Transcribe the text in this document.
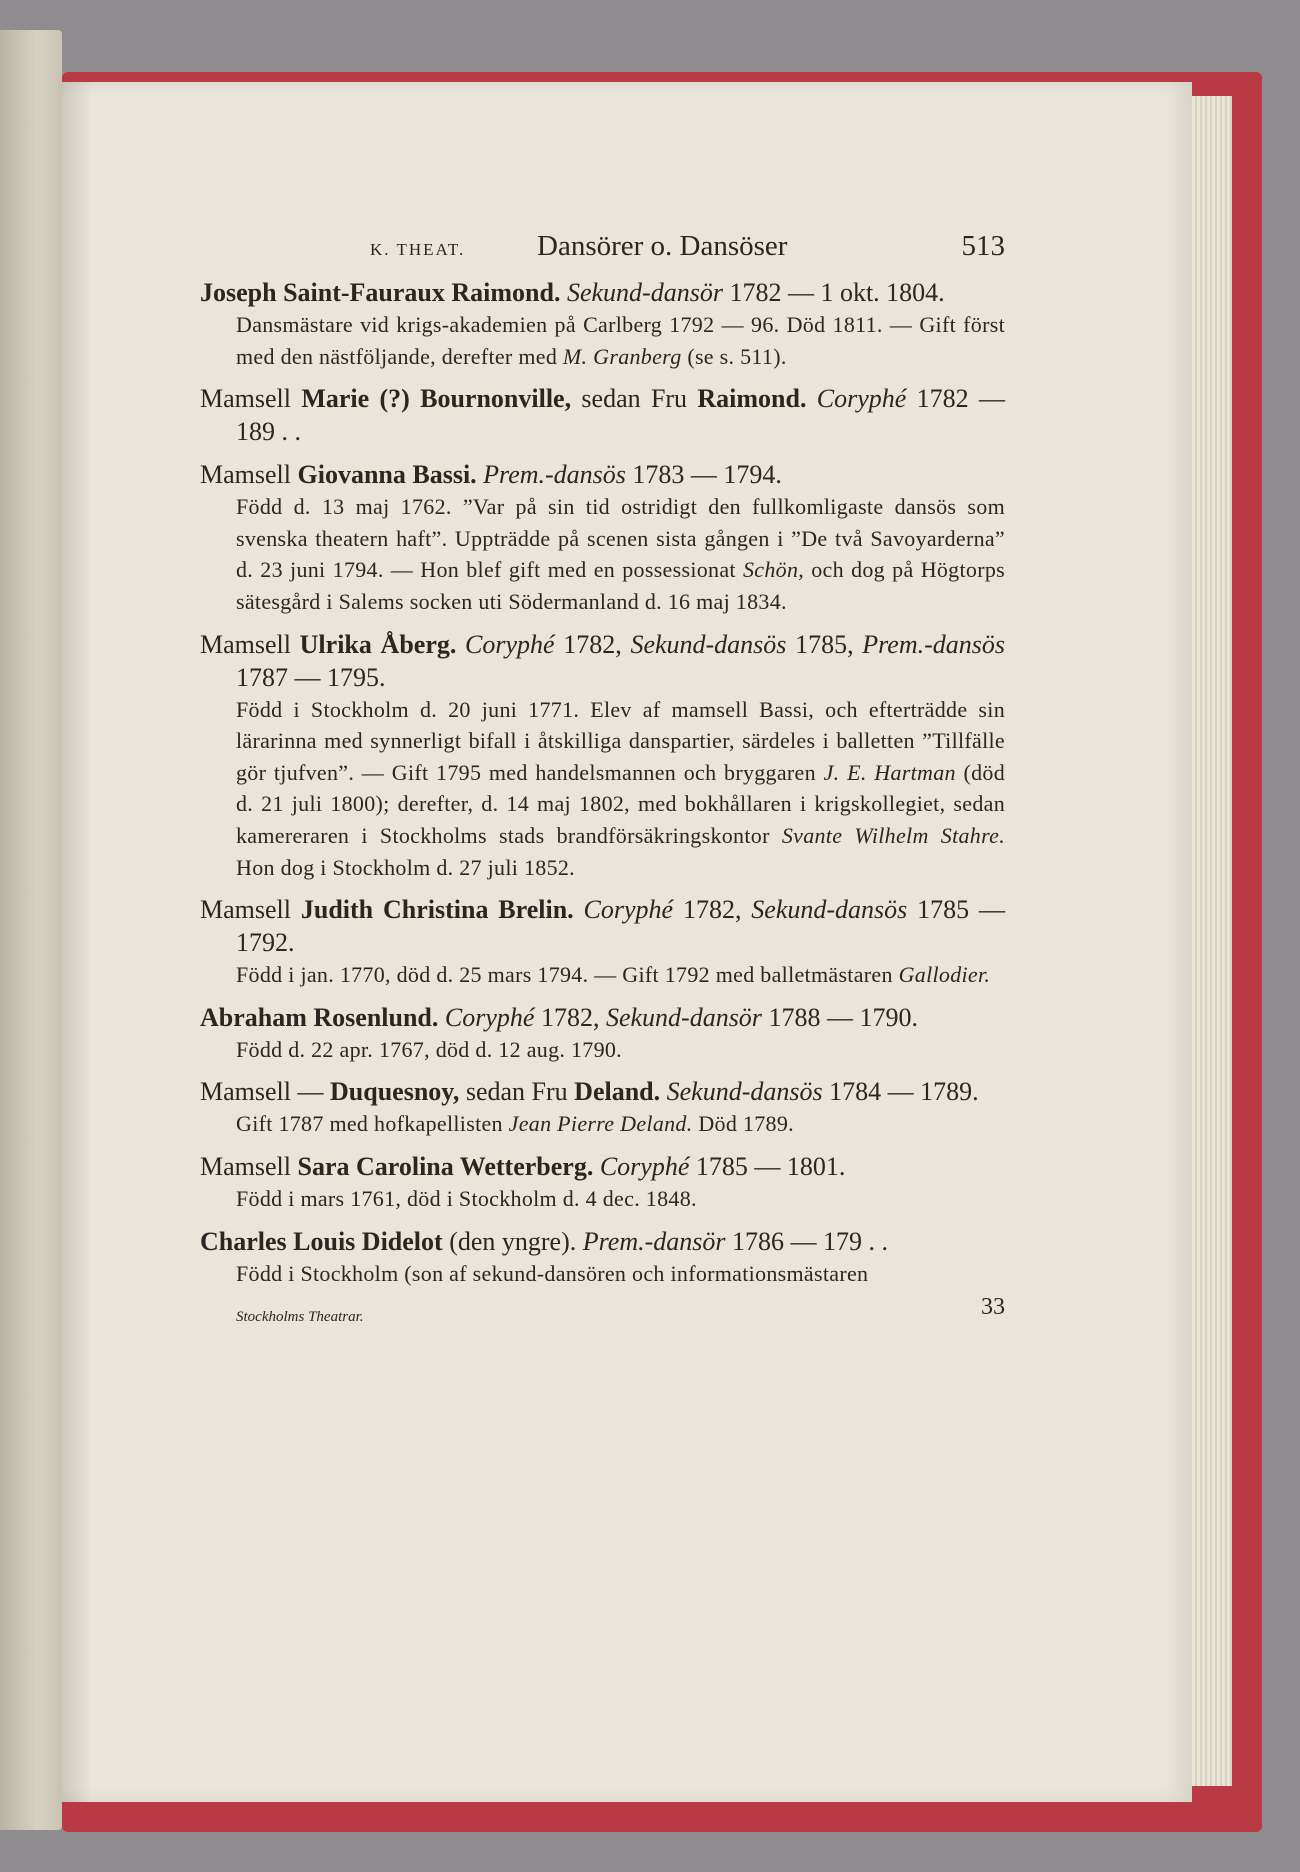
K. THEAT. Dansörer o. Dansöser	513
Joseph Saint-Fauraux Raimond. Sekund-dansör 1782 — 1 okt. 1804.
Dansmästare vid krigs-akademien på Carlberg 1792 — 96. Död 1811. — Gift först med den nästföljande, derefter med M. Granberg (se s. 511).
Mamsell Marie (?) Bournonville, sedan Fru Raimond. Coryphé 1782 — 189 . .
Mamsell Giovanna Bassi. Prem.-dansös 1783 — 1794.
Född d. 13 maj 1762. ”Var på sin tid ostridigt den fullkomligaste dansös som svenska theatern haft”. Uppträdde på scenen sista gången i ”De två Savoyarderna” d. 23 juni 1794. — Hon blef gift med en possessionat Schön, och dog på Högtorps sätesgård i Salems socken uti Södermanland d. 16 maj 1834.
Mamsell Ulrika Åberg. Coryphé 1782, Sekund-dansös 1785, Prem.-dansös 1787 — 1795.
Född i Stockholm d. 20 juni 1771. Elev af mamsell Bassi, och efterträdde sin lärarinna med synnerligt bifall i åtskilliga danspartier, särdeles i balletten ”Tillfälle gör tjufven”. — Gift 1795 med handelsmannen och bryggaren J. E. Hartman (död d. 21 juli 1800); derefter, d. 14 maj 1802, med bokhållaren i krigskollegiet, sedan kamereraren i Stockholms stads brandförsäkringskontor Svante Wilhelm Stahre. Hon dog i Stockholm d. 27 juli 1852.
Mamsell Judith Christina Brelin. Coryphé 1782, Sekund-dansös 1785 — 1792.
Född i jan. 1770, död d. 25 mars 1794. — Gift 1792 med balletmästaren Gallodier.
Abraham Rosenlund. Coryphé 1782, Sekund-dansör 1788 — 1790.
Född d. 22 apr. 1767, död d. 12 aug. 1790.
Mamsell — Duquesnoy, sedan Fru Deland. Sekund-dansös 1784 — 1789.
Gift 1787 med hofkapellisten Jean Pierre Deland. Död 1789.
Mamsell Sara Carolina Wetterberg. Coryphé 1785 — 1801.
Född i mars 1761, död i Stockholm d. 4 dec. 1848.
Charles Louis Didelot (den yngre). Prem.-dansör 1786 — 179 . .
Född i Stockholm (son af sekund-dansören och informationsmästaren
Stockholms Theatrar.	33
